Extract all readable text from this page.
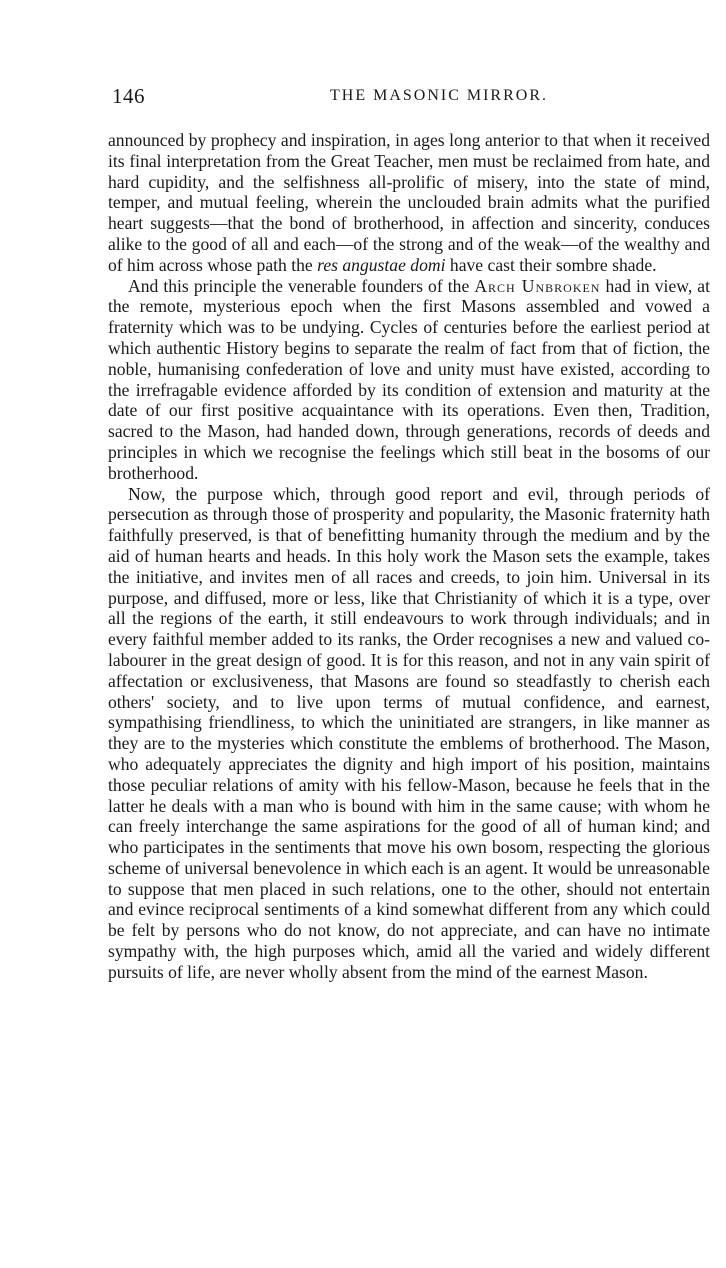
146	THE MASONIC MIRROR.

announced by prophecy and inspiration, in ages long anterior to that when it received its final interpretation from the Great Teacher, men must be reclaimed from hate, and hard cupidity, and the selfishness all-prolific of misery, into the state of mind, temper, and mutual feeling, wherein the unclouded brain admits what the purified heart suggests—that the bond of brotherhood, in affection and sincerity, conduces alike to the good of all and each—of the strong and of the weak—of the wealthy and of him across whose path the res angustae domi have cast their sombre shade.

And this principle the venerable founders of the Arch Unbroken had in view, at the remote, mysterious epoch when the first Masons assembled and vowed a fraternity which was to be undying. Cycles of centuries before the earliest period at which authentic History begins to separate the realm of fact from that of fiction, the noble, humanising confederation of love and unity must have existed, according to the irrefragable evidence afforded by its condition of extension and maturity at the date of our first positive acquaintance with its operations. Even then, Tradition, sacred to the Mason, had handed down, through generations, records of deeds and principles in which we recognise the feelings which still beat in the bosoms of our brotherhood.

Now, the purpose which, through good report and evil, through periods of persecution as through those of prosperity and popularity, the Masonic fraternity hath faithfully preserved, is that of benefitting humanity through the medium and by the aid of human hearts and heads. In this holy work the Mason sets the example, takes the initiative, and invites men of all races and creeds, to join him. Universal in its purpose, and diffused, more or less, like that Christianity of which it is a type, over all the regions of the earth, it still endeavours to work through individuals; and in every faithful member added to its ranks, the Order recognises a new and valued co-labourer in the great design of good. It is for this reason, and not in any vain spirit of affectation or exclusiveness, that Masons are found so steadfastly to cherish each others' society, and to live upon terms of mutual confidence, and earnest, sympathising friendliness, to which the uninitiated are strangers, in like manner as they are to the mysteries which constitute the emblems of brotherhood. The Mason, who adequately appreciates the dignity and high import of his position, maintains those peculiar relations of amity with his fellow-Mason, because he feels that in the latter he deals with a man who is bound with him in the same cause; with whom he can freely interchange the same aspirations for the good of all of human kind; and who participates in the sentiments that move his own bosom, respecting the glorious scheme of universal benevolence in which each is an agent. It would be unreasonable to suppose that men placed in such relations, one to the other, should not entertain and evince reciprocal sentiments of a kind somewhat different from any which could be felt by persons who do not know, do not appreciate, and can have no intimate sympathy with, the high purposes which, amid all the varied and widely different pursuits of life, are never wholly absent from the mind of the earnest Mason.
